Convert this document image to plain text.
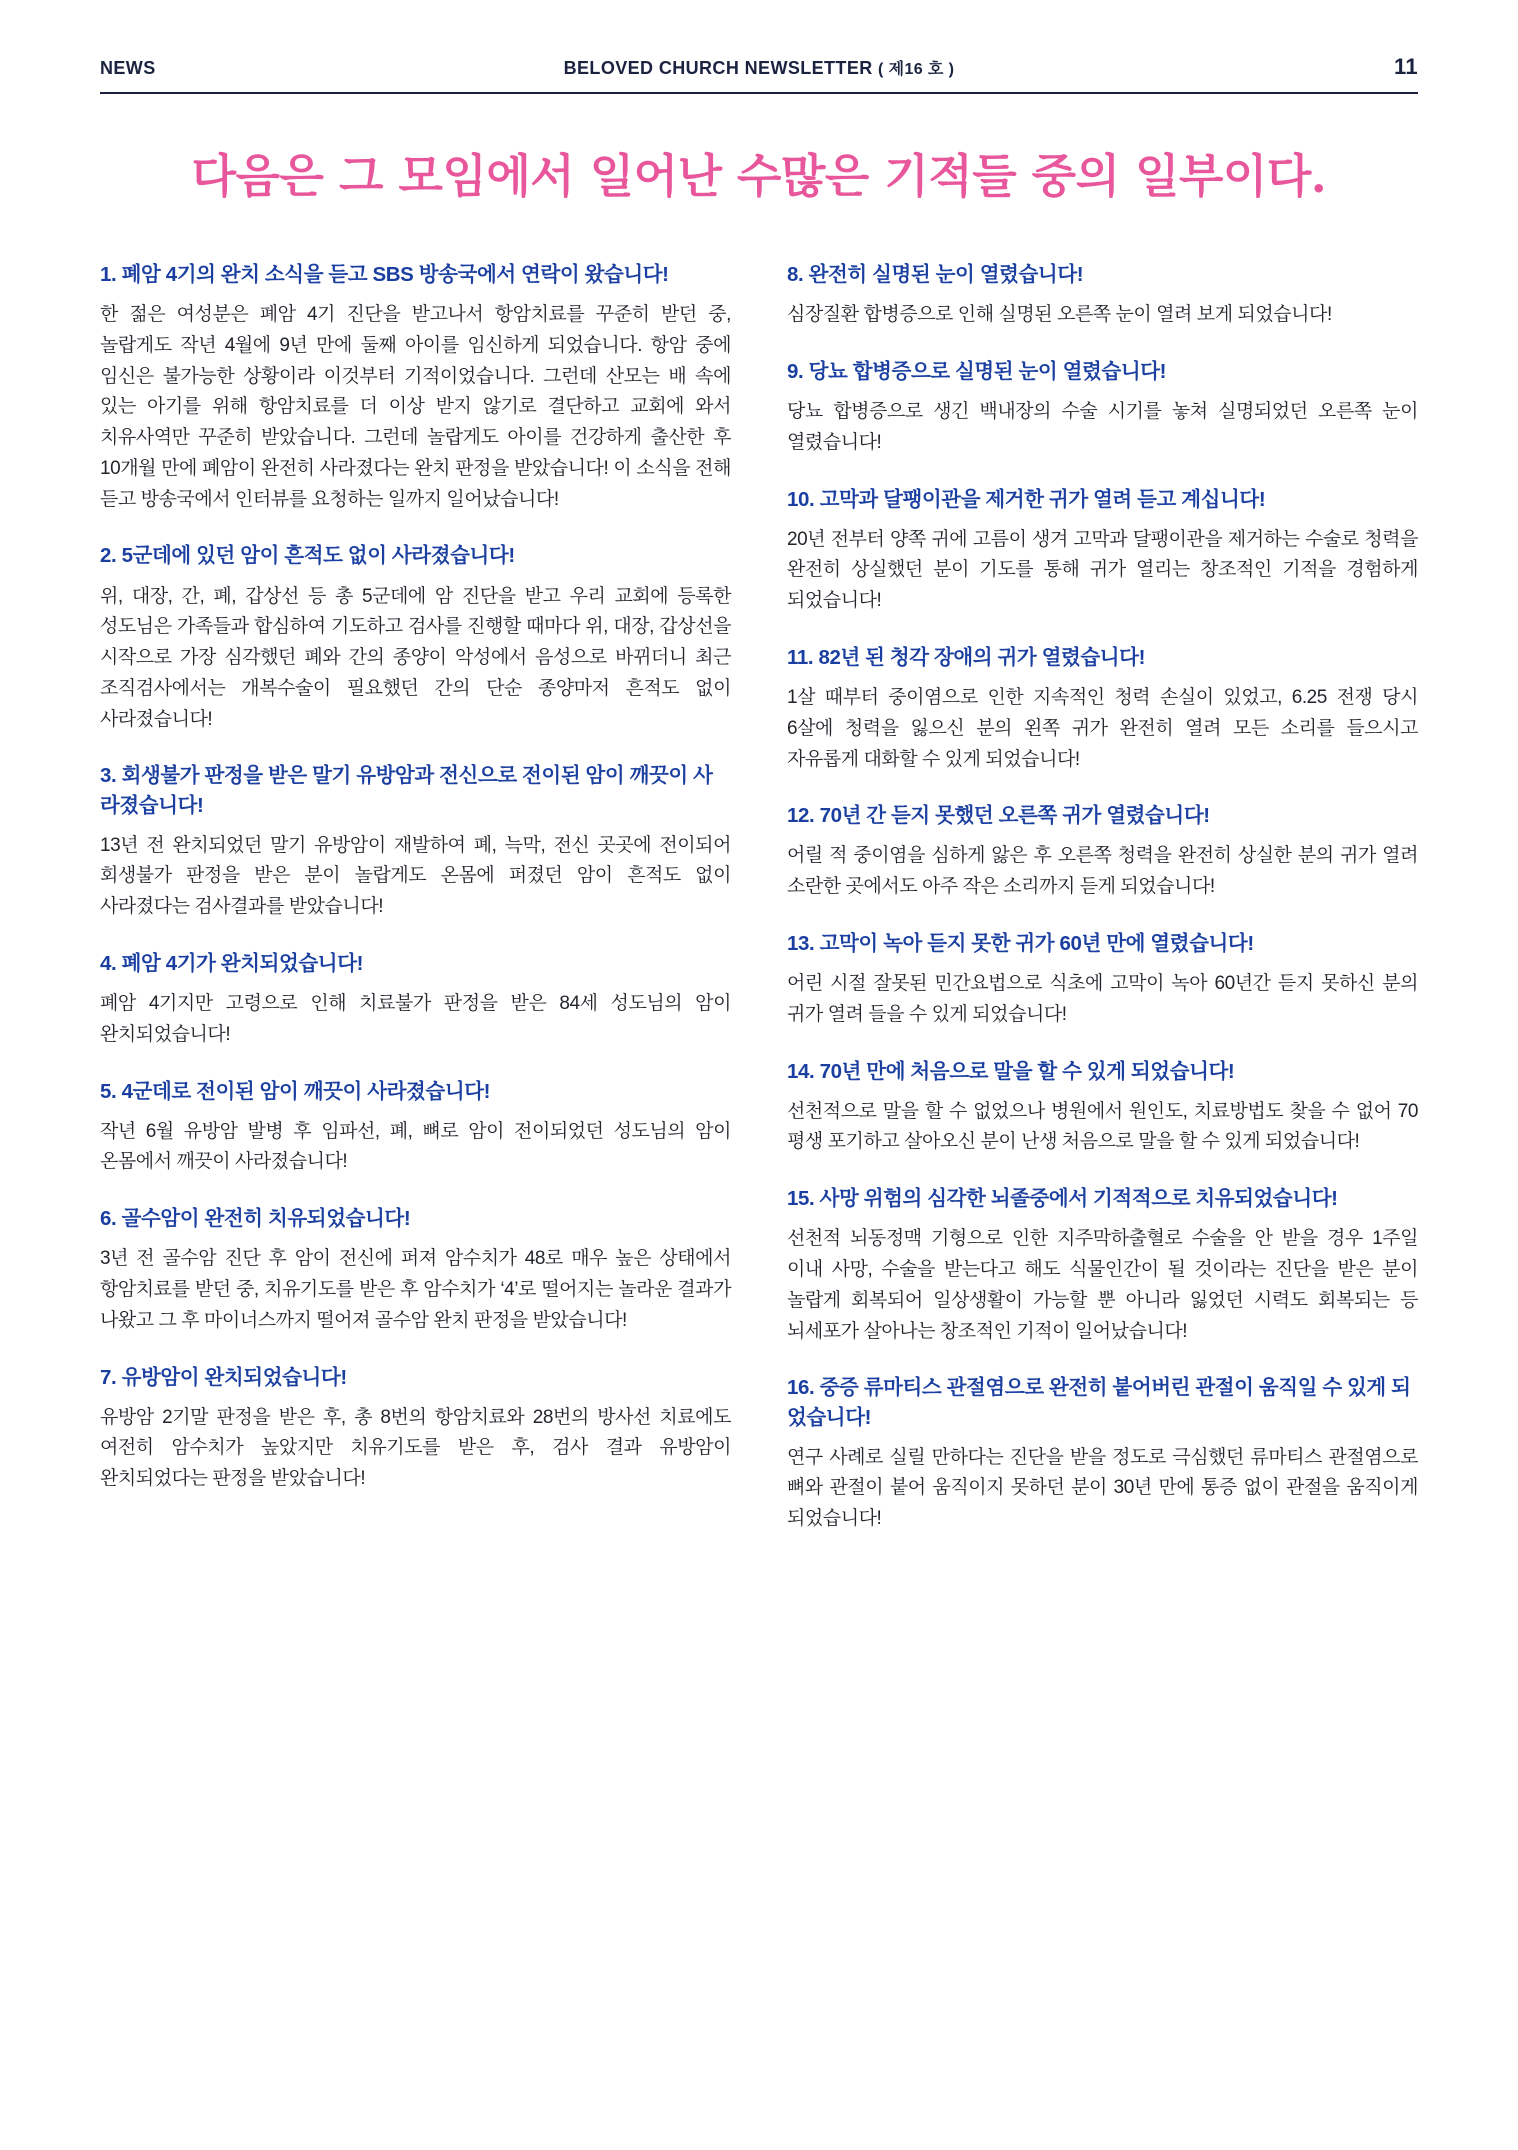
NEWS	BELOVED CHURCH NEWSLETTER ( 제16 호 )	11
다음은 그 모임에서 일어난 수많은 기적들 중의 일부이다.
1. 폐암 4기의 완치 소식을 듣고 SBS 방송국에서 연락이 왔습니다!

한 젊은 여성분은 폐암 4기 진단을 받고나서 항암치료를 꾸준히 받던 중, 놀랍게도 작년 4월에 9년 만에 둘째 아이를 임신하게 되었습니다. 항암 중에 임신은 불가능한 상황이라 이것부터 기적이었습니다. 그런데 산모는 배 속에 있는 아기를 위해 항암치료를 더 이상 받지 않기로 결단하고 교회에 와서 치유사역만 꾸준히 받았습니다. 그런데 놀랍게도 아이를 건강하게 출산한 후 10개월 만에 폐암이 완전히 사라졌다는 완치 판정을 받았습니다! 이 소식을 전해 듣고 방송국에서 인터뷰를 요청하는 일까지 일어났습니다!

2. 5군데에 있던 암이 흔적도 없이 사라졌습니다!

위, 대장, 간, 폐, 갑상선 등 총 5군데에 암 진단을 받고 우리 교회에 등록한 성도님은 가족들과 합심하여 기도하고 검사를 진행할 때마다 위, 대장, 갑상선을 시작으로 가장 심각했던 폐와 간의 종양이 악성에서 음성으로 바뀌더니 최근 조직검사에서는 개복수술이 필요했던 간의 단순 종양마저 흔적도 없이 사라졌습니다!

3. 회생불가 판정을 받은 말기 유방암과 전신으로 전이된 암이 깨끗이 사라졌습니다!

13년 전 완치되었던 말기 유방암이 재발하여 폐, 늑막, 전신 곳곳에 전이되어 회생불가 판정을 받은 분이 놀랍게도 온몸에 퍼졌던 암이 흔적도 없이 사라졌다는 검사결과를 받았습니다!

4. 폐암 4기가 완치되었습니다!

폐암 4기지만 고령으로 인해 치료불가 판정을 받은 84세 성도님의 암이 완치되었습니다!

5. 4군데로 전이된 암이 깨끗이 사라졌습니다!

작년 6월 유방암 발병 후 임파선, 폐, 뼈로 암이 전이되었던 성도님의 암이 온몸에서 깨끗이 사라졌습니다!

6. 골수암이 완전히 치유되었습니다!

3년 전 골수암 진단 후 암이 전신에 퍼져 암수치가 48로 매우 높은 상태에서 항암치료를 받던 중, 치유기도를 받은 후 암수치가 ‘4’로 떨어지는 놀라운 결과가 나왔고 그 후 마이너스까지 떨어져 골수암 완치 판정을 받았습니다!

7. 유방암이 완치되었습니다!

유방암 2기말 판정을 받은 후, 총 8번의 항암치료와 28번의 방사선 치료에도 여전히 암수치가 높았지만 치유기도를 받은 후, 검사 결과 유방암이 완치되었다는 판정을 받았습니다!

8. 완전히 실명된 눈이 열렸습니다!

심장질환 합병증으로 인해 실명된 오른쪽 눈이 열려 보게 되었습니다!

9. 당뇨 합병증으로 실명된 눈이 열렸습니다!

당뇨 합병증으로 생긴 백내장의 수술 시기를 놓쳐 실명되었던 오른쪽 눈이 열렸습니다!

10. 고막과 달팽이관을 제거한 귀가 열려 듣고 계십니다!

20년 전부터 양쪽 귀에 고름이 생겨 고막과 달팽이관을 제거하는 수술로 청력을 완전히 상실했던 분이 기도를 통해 귀가 열리는 창조적인 기적을 경험하게 되었습니다!

11. 82년 된 청각 장애의 귀가 열렸습니다!

1살 때부터 중이염으로 인한 지속적인 청력 손실이 있었고, 6.25 전쟁 당시 6살에 청력을 잃으신 분의 왼쪽 귀가 완전히 열려 모든 소리를 들으시고 자유롭게 대화할 수 있게 되었습니다!

12. 70년 간 듣지 못했던 오른쪽 귀가 열렸습니다!

어릴 적 중이염을 심하게 앓은 후 오른쪽 청력을 완전히 상실한 분의 귀가 열려 소란한 곳에서도 아주 작은 소리까지 듣게 되었습니다!

13. 고막이 녹아 듣지 못한 귀가 60년 만에 열렸습니다!

어린 시절 잘못된 민간요법으로 식초에 고막이 녹아 60년간 듣지 못하신 분의 귀가 열려 들을 수 있게 되었습니다!

14. 70년 만에 처음으로 말을 할 수 있게 되었습니다!

선천적으로 말을 할 수 없었으나 병원에서 원인도, 치료방법도 찾을 수 없어 70 평생 포기하고 살아오신 분이 난생 처음으로 말을 할 수 있게 되었습니다!

15. 사망 위험의 심각한 뇌졸중에서 기적적으로 치유되었습니다!

선천적 뇌동정맥 기형으로 인한 지주막하출혈로 수술을 안 받을 경우 1주일 이내 사망, 수술을 받는다고 해도 식물인간이 될 것이라는 진단을 받은 분이 놀랍게 회복되어 일상생활이 가능할 뿐 아니라 잃었던 시력도 회복되는 등 뇌세포가 살아나는 창조적인 기적이 일어났습니다!

16. 중증 류마티스 관절염으로 완전히 붙어버린 관절이 움직일 수 있게 되었습니다!

연구 사례로 실릴 만하다는 진단을 받을 정도로 극심했던 류마티스 관절염으로 뼈와 관절이 붙어 움직이지 못하던 분이 30년 만에 통증 없이 관절을 움직이게 되었습니다!
